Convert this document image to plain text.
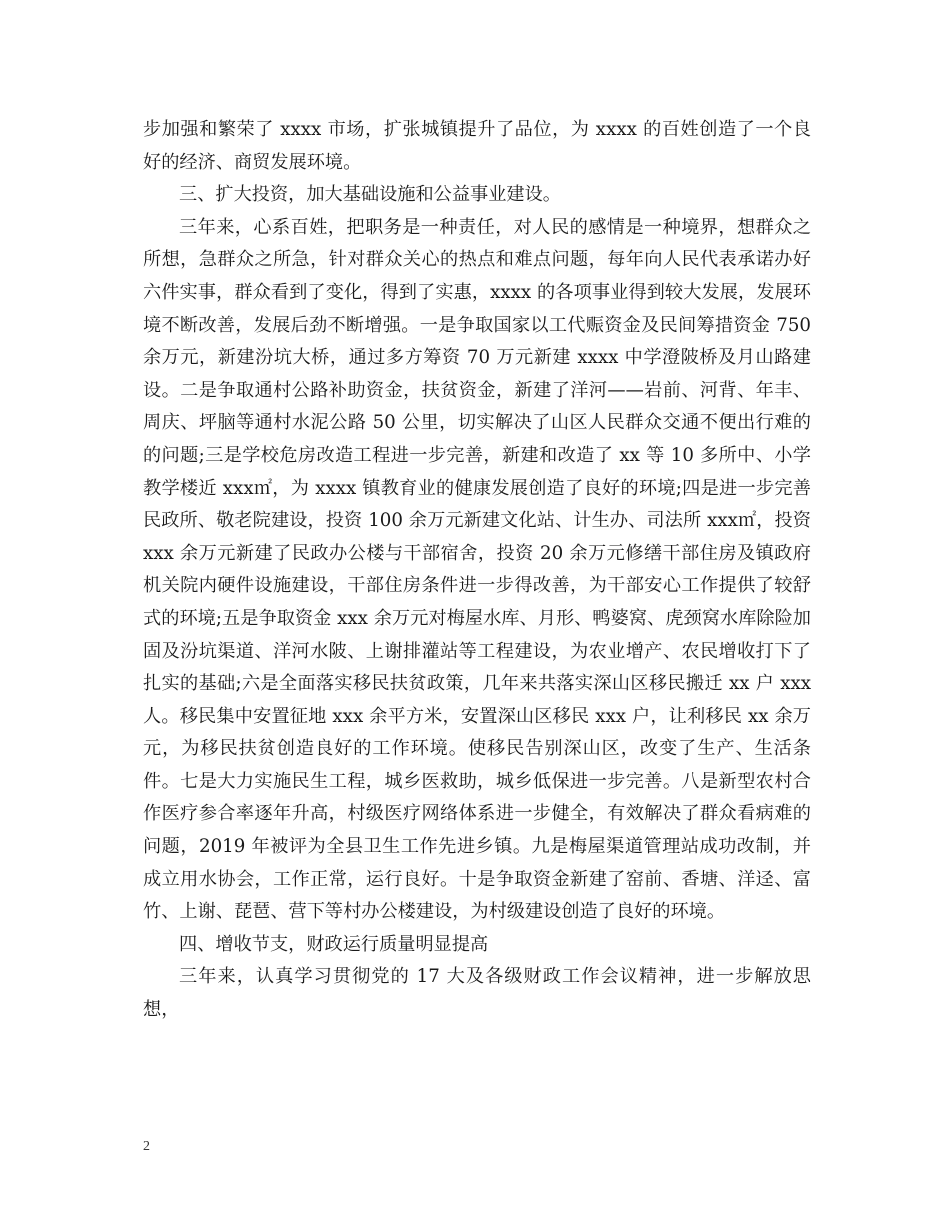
步加强和繁荣了 xxxx 市场，扩张城镇提升了品位，为 xxxx 的百姓创造了一个良好的经济、商贸发展环境。

三、扩大投资，加大基础设施和公益事业建设。

三年来，心系百姓，把职务是一种责任，对人民的感情是一种境界，想群众之所想，急群众之所急，针对群众关心的热点和难点问题，每年向人民代表承诺办好六件实事，群众看到了变化，得到了实惠，xxxx 的各项事业得到较大发展，发展环境不断改善，发展后劲不断增强。一是争取国家以工代赈资金及民间筹措资金 750 余万元，新建汾坑大桥，通过多方筹资 70 万元新建 xxxx 中学澄陂桥及月山路建设。二是争取通村公路补助资金，扶贫资金，新建了洋河——岩前、河背、年丰、周庆、坪脑等通村水泥公路 50 公里，切实解决了山区人民群众交通不便出行难的的问题;三是学校危房改造工程进一步完善，新建和改造了 xx 等 10 多所中、小学教学楼近 xxx㎡，为 xxxx 镇教育业的健康发展创造了良好的环境;四是进一步完善民政所、敬老院建设，投资 100 余万元新建文化站、计生办、司法所 xxx㎡，投资 xxx 余万元新建了民政办公楼与干部宿舍，投资 20 余万元修缮干部住房及镇政府机关院内硬件设施建设，干部住房条件进一步得改善，为干部安心工作提供了较舒式的环境;五是争取资金 xxx 余万元对梅屋水库、月形、鸭婆窝、虎颈窝水库除险加固及汾坑渠道、洋河水陂、上谢排灌站等工程建设，为农业增产、农民增收打下了扎实的基础;六是全面落实移民扶贫政策，几年来共落实深山区移民搬迁 xx 户 xxx 人。移民集中安置征地 xxx 余平方米，安置深山区移民 xxx 户，让利移民 xx 余万元，为移民扶贫创造良好的工作环境。使移民告别深山区，改变了生产、生活条件。七是大力实施民生工程，城乡医救助，城乡低保进一步完善。八是新型农村合作医疗参合率逐年升高，村级医疗网络体系进一步健全，有效解决了群众看病难的问题，2019 年被评为全县卫生工作先进乡镇。九是梅屋渠道管理站成功改制，并成立用水协会，工作正常，运行良好。十是争取资金新建了窑前、香塘、洋迳、富竹、上谢、琵琶、营下等村办公楼建设，为村级建设创造了良好的环境。

四、增收节支，财政运行质量明显提高

三年来，认真学习贯彻党的 17 大及各级财政工作会议精神，进一步解放思想，

2
